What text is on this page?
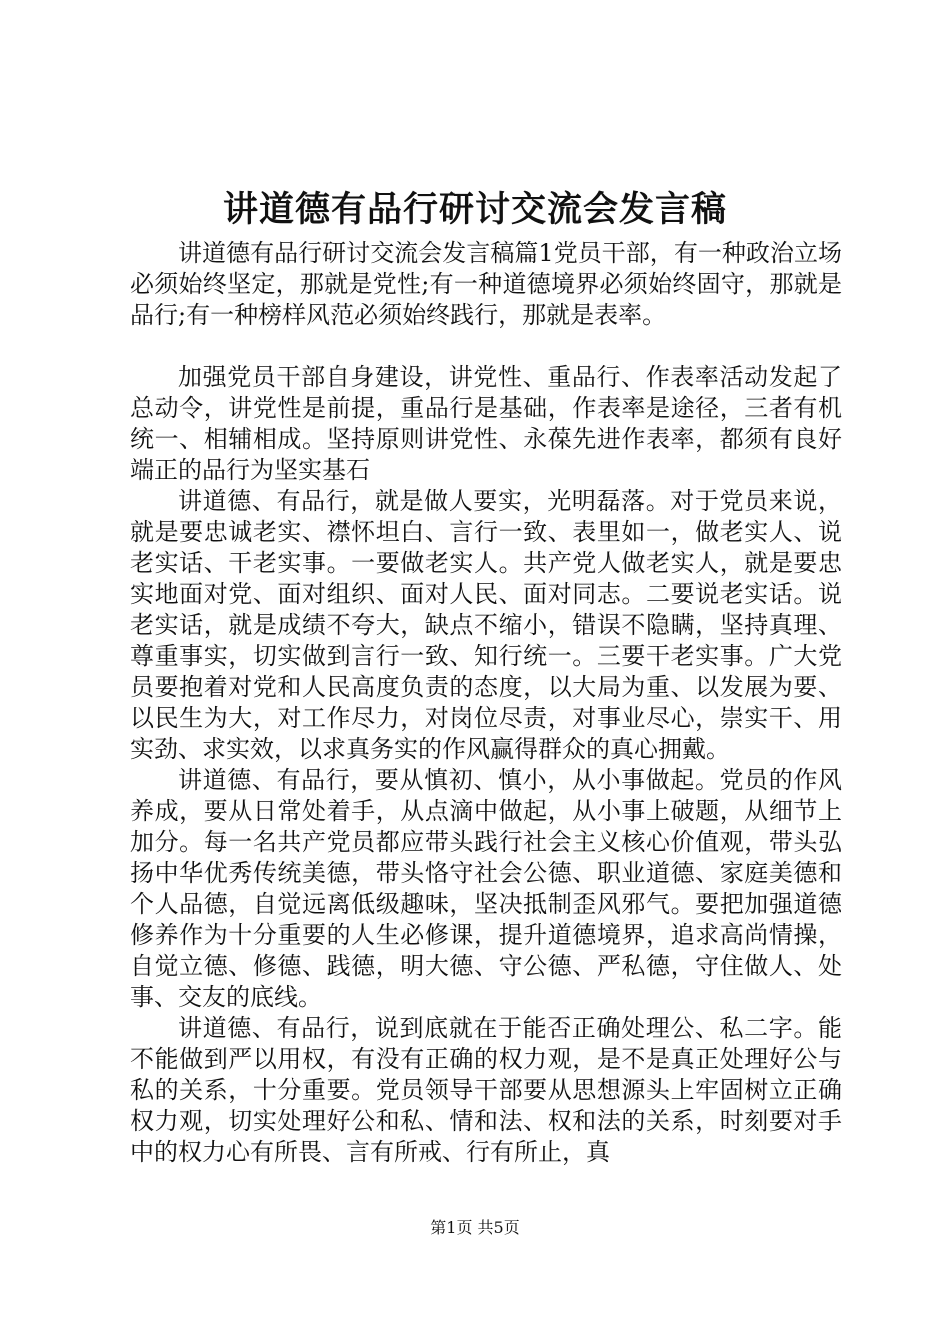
讲道德有品行研讨交流会发言稿

讲道德有品行研讨交流会发言稿篇1党员干部，有一种政治立场必须始终坚定，那就是党性;有一种道德境界必须始终固守，那就是品行;有一种榜样风范必须始终践行，那就是表率。

加强党员干部自身建设，讲党性、重品行、作表率活动发起了总动令，讲党性是前提，重品行是基础，作表率是途径，三者有机统一、相辅相成。坚持原则讲党性、永葆先进作表率，都须有良好端正的品行为坚实基石

讲道德、有品行，就是做人要实，光明磊落。对于党员来说，就是要忠诚老实、襟怀坦白、言行一致、表里如一，做老实人、说老实话、干老实事。一要做老实人。共产党人做老实人，就是要忠实地面对党、面对组织、面对人民、面对同志。二要说老实话。说老实话，就是成绩不夸大，缺点不缩小，错误不隐瞒，坚持真理、尊重事实，切实做到言行一致、知行统一。三要干老实事。广大党员要抱着对党和人民高度负责的态度，以大局为重、以发展为要、以民生为大，对工作尽力，对岗位尽责，对事业尽心，崇实干、用实劲、求实效，以求真务实的作风赢得群众的真心拥戴。

讲道德、有品行，要从慎初、慎小，从小事做起。党员的作风养成，要从日常处着手，从点滴中做起，从小事上破题，从细节上加分。每一名共产党员都应带头践行社会主义核心价值观，带头弘扬中华优秀传统美德，带头恪守社会公德、职业道德、家庭美德和个人品德，自觉远离低级趣味，坚决抵制歪风邪气。要把加强道德修养作为十分重要的人生必修课，提升道德境界，追求高尚情操，自觉立德、修德、践德，明大德、守公德、严私德，守住做人、处事、交友的底线。

讲道德、有品行，说到底就在于能否正确处理公、私二字。能不能做到严以用权，有没有正确的权力观，是不是真正处理好公与私的关系，十分重要。党员领导干部要从思想源头上牢固树立正确权力观，切实处理好公和私、情和法、权和法的关系，时刻要对手中的权力心有所畏、言有所戒、行有所止，真

第1页 共5页
